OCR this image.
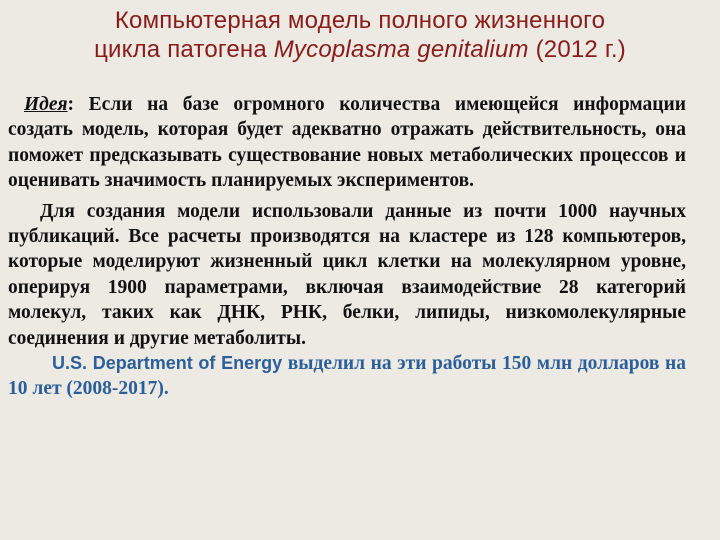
Компьютерная модель полного жизненного
цикла патогена Mycoplasma genitalium (2012 г.)

Идея: Если на базе огромного количества имеющейся информации создать модель, которая будет адекватно отражать действительность, она поможет предсказывать существование новых метаболических процессов и оценивать значимость планируемых экспериментов.

Для создания модели использовали данные из почти 1000 научных публикаций. Все расчеты производятся на кластере из 128 компьютеров, которые моделируют жизненный цикл клетки на молекулярном уровне, оперируя 1900 параметрами, включая взаимодействие 28 категорий молекул, таких как ДНК, РНК, белки, липиды, низкомолекулярные соединения и другие метаболиты.

U.S. Department of Energy выделил на эти работы 150 млн долларов на 10 лет (2008-2017).
